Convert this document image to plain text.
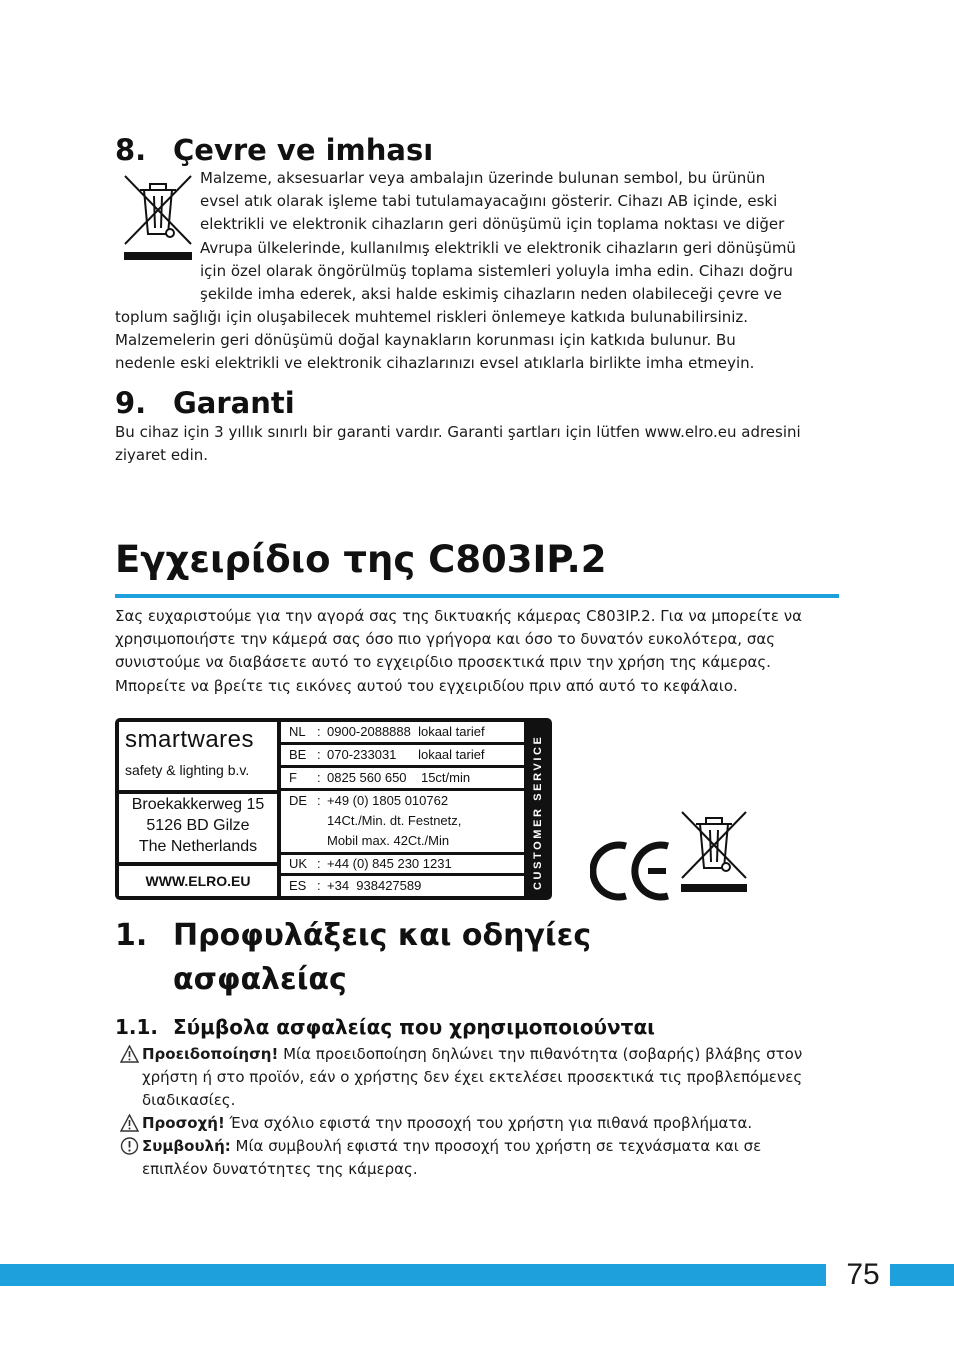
8. Çevre ve imhası
Malzeme, aksesuarlar veya ambalajın üzerinde bulunan sembol, bu ürünün
evsel atık olarak işleme tabi tutulamayacağını gösterir. Cihazı AB içinde, eski
elektrikli ve elektronik cihazların geri dönüşümü için toplama noktası ve diğer
Avrupa ülkelerinde, kullanılmış elektrikli ve elektronik cihazların geri dönüşümü
için özel olarak öngörülmüş toplama sistemleri yoluyla imha edin. Cihazı doğru
şekilde imha ederek, aksi halde eskimiş cihazların neden olabileceği çevre ve
toplum sağlığı için oluşabilecek muhtemel riskleri önlemeye katkıda bulunabilirsiniz.
Malzemelerin geri dönüşümü doğal kaynakların korunması için katkıda bulunur. Bu
nedenle eski elektrikli ve elektronik cihazlarınızı evsel atıklarla birlikte imha etmeyin.
9. Garanti
Bu cihaz için 3 yıllık sınırlı bir garanti vardır. Garanti şartları için lütfen www.elro.eu adresini
ziyaret edin.
Εγχειρίδιο της C803IP.2
Σας ευχαριστούμε για την αγορά σας της δικτυακής κάμερας C803IP.2. Για να μπορείτε να
χρησιμοποιήστε την κάμερά σας όσο πιο γρήγορα και όσο το δυνατόν ευκολότερα, σας
συνιστούμε να διαβάσετε αυτό το εγχειρίδιο προσεκτικά πριν την χρήση της κάμερας.
Μπορείτε να βρείτε τις εικόνες αυτού του εγχειριδίου πριν από αυτό το κεφάλαιο.
smartwares
safety & lighting b.v.
Broekakkerweg 15
5126 BD Gilze
The Netherlands
WWW.ELRO.EU
NL : 0900-2088888  lokaal tarief
BE : 070-233031      lokaal tarief
F : 0825 560 650    15ct/min
DE : +49 (0) 1805 010762
14Ct./Min. dt. Festnetz,
Mobil max. 42Ct./Min
UK : +44 (0) 845 230 1231
ES : +34  938427589	CUSTOMER SERVICE
1. Προφυλάξεις και οδηγίες
ασφαλείας
1.1. Σύμβολα ασφαλείας που χρησιμοποιούνται
Προειδοποίηση! Μία προειδοποίηση δηλώνει την πιθανότητα (σοβαρής) βλάβης στον
χρήστη ή στο προϊόν, εάν ο χρήστης δεν έχει εκτελέσει προσεκτικά τις προβλεπόμενες
διαδικασίες.
Προσοχή! Ένα σχόλιο εφιστά την προσοχή του χρήστη για πιθανά προβλήματα.
Συμβουλή: Μία συμβουλή εφιστά την προσοχή του χρήστη σε τεχνάσματα και σε
επιπλέον δυνατότητες της κάμερας.
75
